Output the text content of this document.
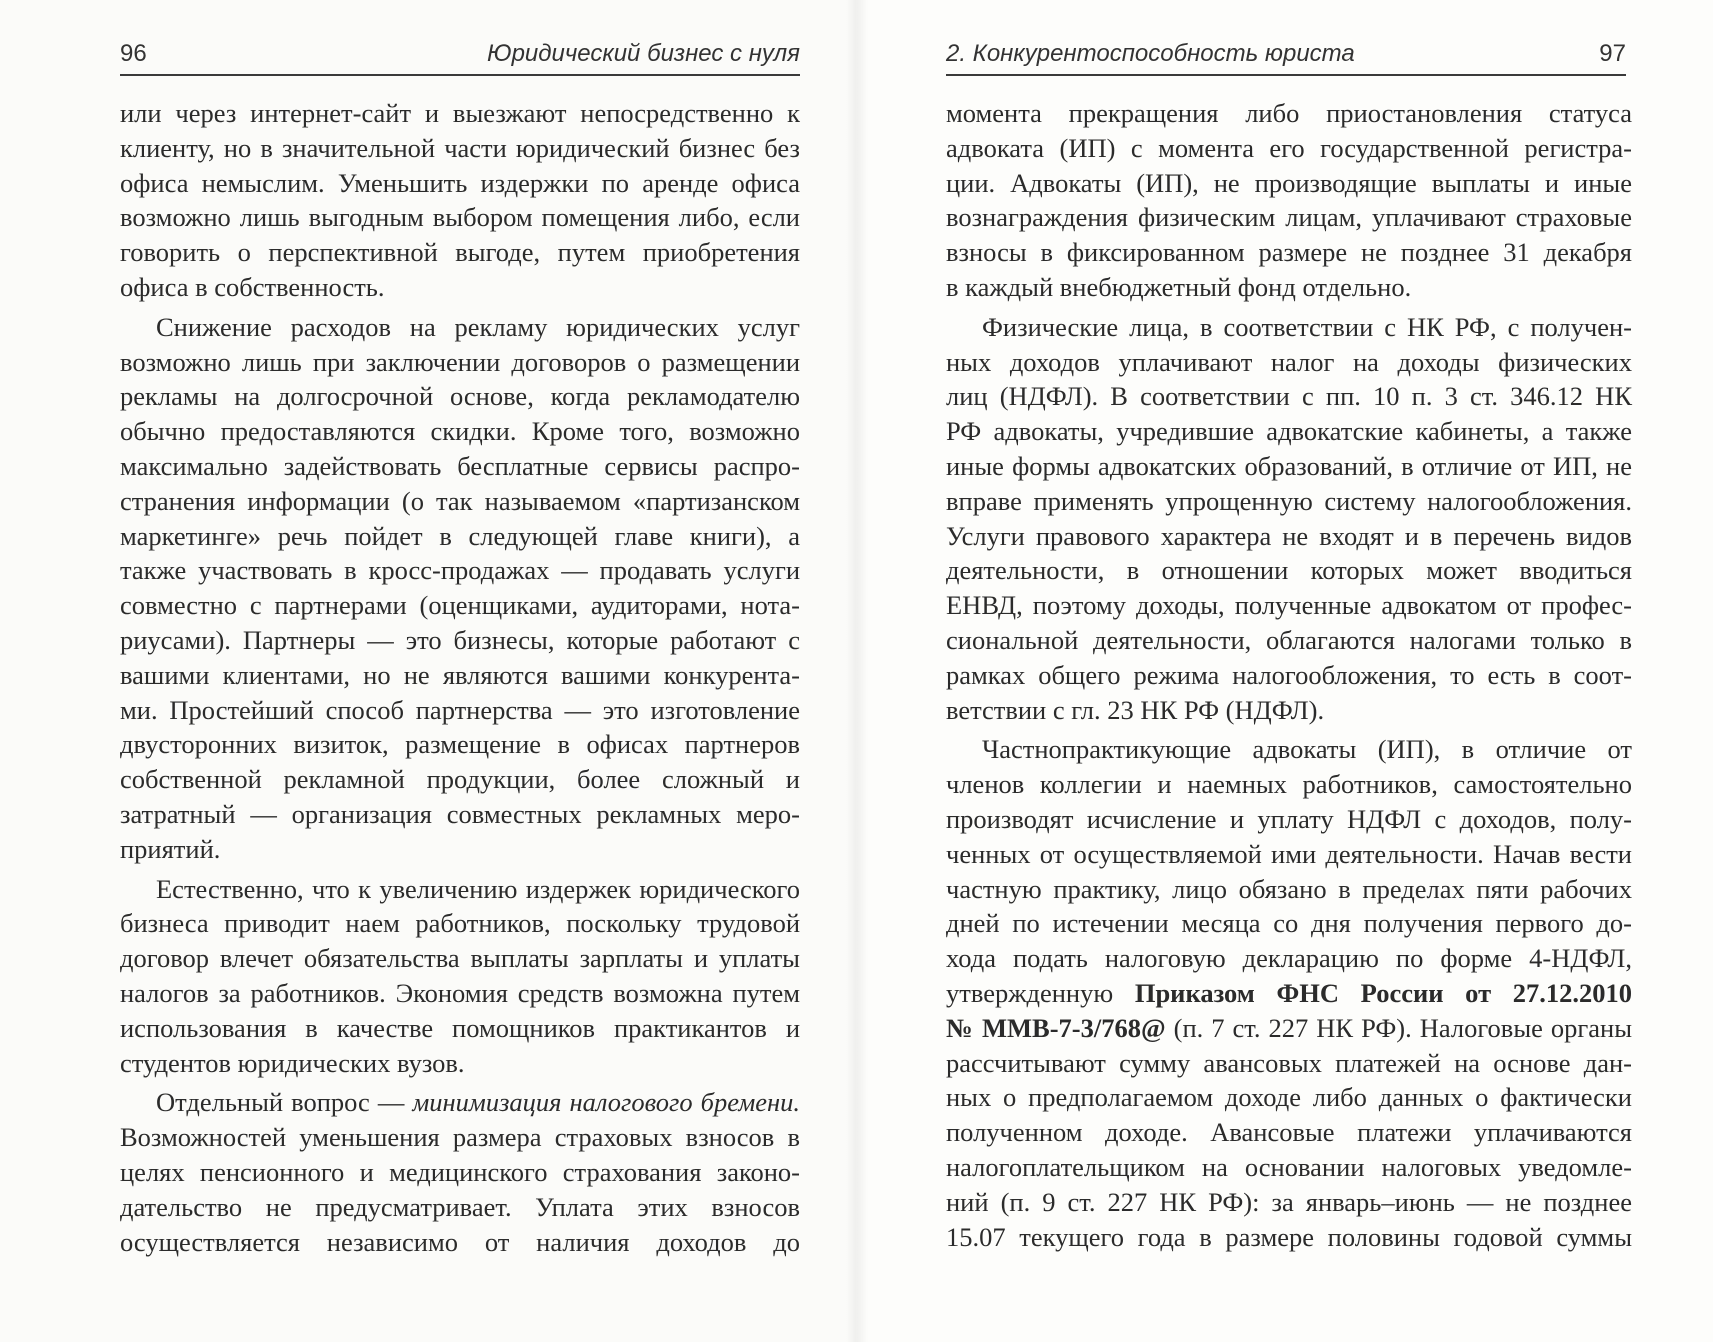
96	Юридический бизнес с нуля
или через интернет-сайт и выезжают непосредственно к
клиенту, но в значительной части юридический бизнес без
офиса немыслим. Уменьшить издержки по аренде офиса
возможно лишь выгодным выбором помещения либо, если
говорить о перспективной выгоде, путем приобретения
офиса в собственность.
Снижение расходов на рекламу юридических услуг
возможно лишь при заключении договоров о размещении
рекламы на долгосрочной основе, когда рекламодателю
обычно предоставляются скидки. Кроме того, возможно
максимально задействовать бесплатные сервисы распро-
странения информации (о так называемом «партизанском
маркетинге» речь пойдет в следующей главе книги), а
также участвовать в кросс-продажах — продавать услуги
совместно с партнерами (оценщиками, аудиторами, нота-
риусами). Партнеры — это бизнесы, которые работают с
вашими клиентами, но не являются вашими конкурента-
ми. Простейший способ партнерства — это изготовление
двусторонних визиток, размещение в офисах партнеров
собственной рекламной продукции, более сложный и
затратный — организация совместных рекламных меро-
приятий.
Естественно, что к увеличению издержек юридического
бизнеса приводит наем работников, поскольку трудовой
договор влечет обязательства выплаты зарплаты и уплаты
налогов за работников. Экономия средств возможна путем
использования в качестве помощников практикантов и
студентов юридических вузов.
Отдельный вопрос — минимизация налогового бремени.
Возможностей уменьшения размера страховых взносов в
целях пенсионного и медицинского страхования законо-
дательство не предусматривает. Уплата этих взносов
осуществляется независимо от наличия доходов до
2. Конкурентоспособность юриста	97
момента прекращения либо приостановления статуса
адвоката (ИП) с момента его государственной регистра-
ции. Адвокаты (ИП), не производящие выплаты и иные
вознаграждения физическим лицам, уплачивают страховые
взносы в фиксированном размере не позднее 31 декабря
в каждый внебюджетный фонд отдельно.
Физические лица, в соответствии с НК РФ, с получен-
ных доходов уплачивают налог на доходы физических
лиц (НДФЛ). В соответствии с пп. 10 п. 3 ст. 346.12 НК
РФ адвокаты, учредившие адвокатские кабинеты, а также
иные формы адвокатских образований, в отличие от ИП, не
вправе применять упрощенную систему налогообложения.
Услуги правового характера не входят и в перечень видов
деятельности, в отношении которых может вводиться
ЕНВД, поэтому доходы, полученные адвокатом от профес-
сиональной деятельности, облагаются налогами только в
рамках общего режима налогообложения, то есть в соот-
ветствии с гл. 23 НК РФ (НДФЛ).
Частнопрактикующие адвокаты (ИП), в отличие от
членов коллегии и наемных работников, самостоятельно
производят исчисление и уплату НДФЛ с доходов, полу-
ченных от осуществляемой ими деятельности. Начав вести
частную практику, лицо обязано в пределах пяти рабочих
дней по истечении месяца со дня получения первого до-
хода подать налоговую декларацию по форме 4-НДФЛ,
утвержденную Приказом ФНС России от 27.12.2010
№ ММВ-7-3/768@ (п. 7 ст. 227 НК РФ). Налоговые органы
рассчитывают сумму авансовых платежей на основе дан-
ных о предполагаемом доходе либо данных о фактически
полученном доходе. Авансовые платежи уплачиваются
налогоплательщиком на основании налоговых уведомле-
ний (п. 9 ст. 227 НК РФ): за январь–июнь — не позднее
15.07 текущего года в размере половины годовой суммы
